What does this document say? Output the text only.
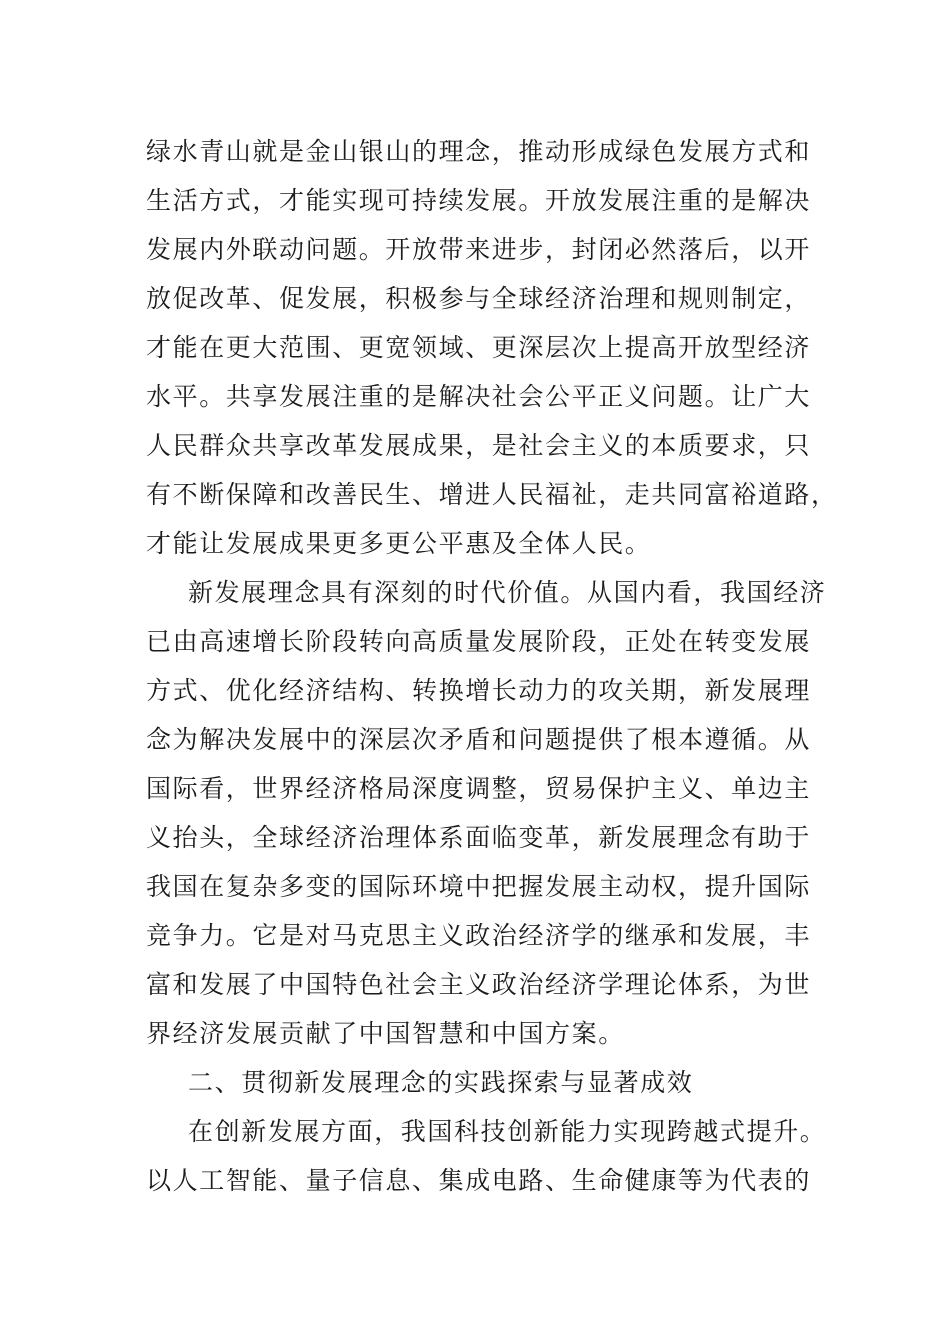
绿水青山就是金山银山的理念，推动形成绿色发展方式和
生活方式，才能实现可持续发展。开放发展注重的是解决
发展内外联动问题。开放带来进步，封闭必然落后，以开
放促改革、促发展，积极参与全球经济治理和规则制定，
才能在更大范围、更宽领域、更深层次上提高开放型经济
水平。共享发展注重的是解决社会公平正义问题。让广大
人民群众共享改革发展成果，是社会主义的本质要求，只
有不断保障和改善民生、增进人民福祉，走共同富裕道路，
才能让发展成果更多更公平惠及全体人民。
新发展理念具有深刻的时代价值。从国内看，我国经济
已由高速增长阶段转向高质量发展阶段，正处在转变发展
方式、优化经济结构、转换增长动力的攻关期，新发展理
念为解决发展中的深层次矛盾和问题提供了根本遵循。从
国际看，世界经济格局深度调整，贸易保护主义、单边主
义抬头，全球经济治理体系面临变革，新发展理念有助于
我国在复杂多变的国际环境中把握发展主动权，提升国际
竞争力。它是对马克思主义政治经济学的继承和发展，丰
富和发展了中国特色社会主义政治经济学理论体系，为世
界经济发展贡献了中国智慧和中国方案。
二、贯彻新发展理念的实践探索与显著成效
在创新发展方面，我国科技创新能力实现跨越式提升。
以人工智能、量子信息、集成电路、生命健康等为代表的
